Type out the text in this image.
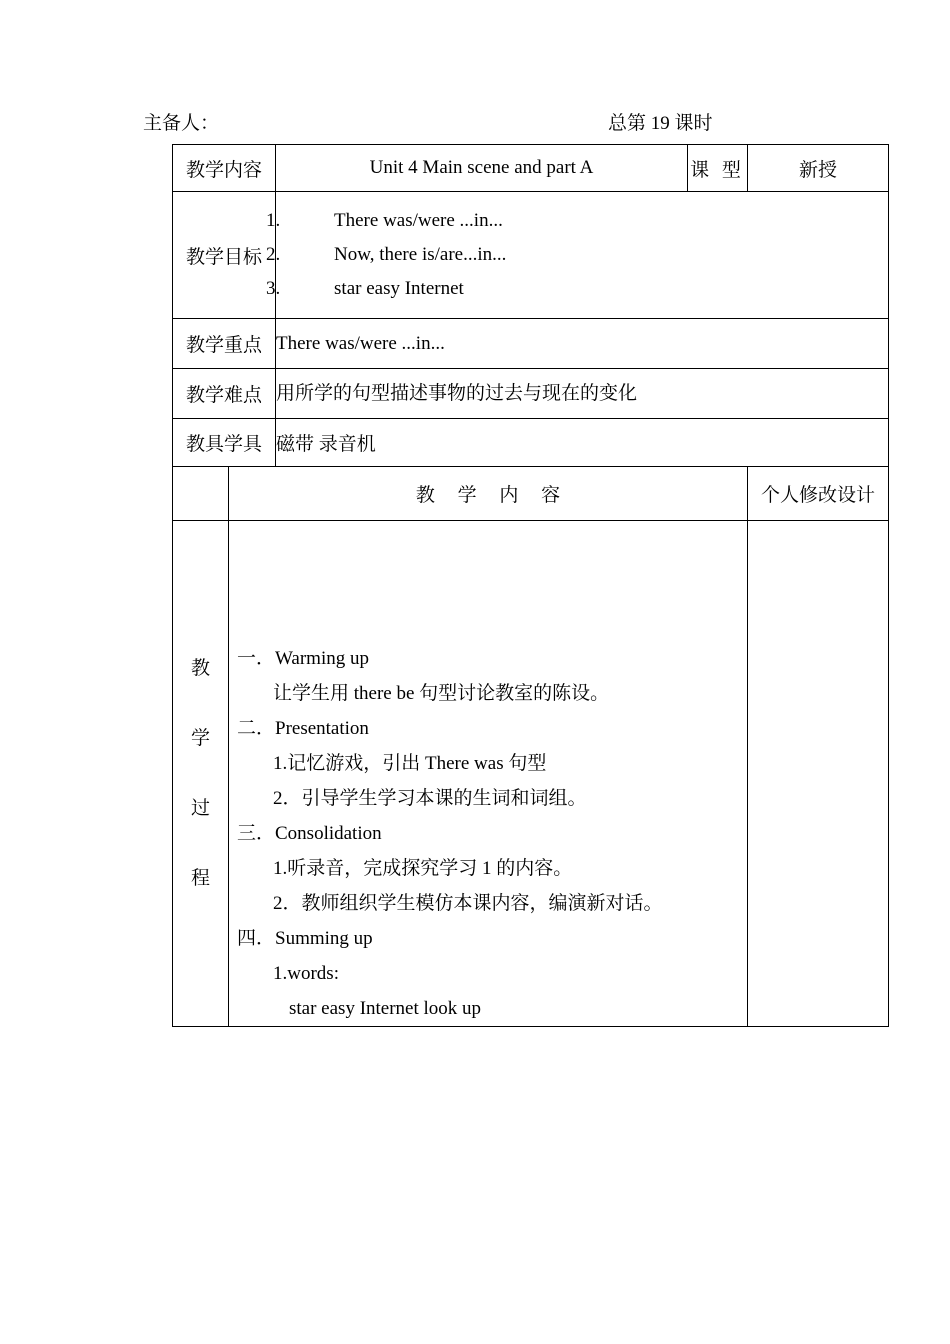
主备人：	总第 19 课时
教学内容		Unit 4 Main scene and part A	课 型	新授
教学目标		1. There was/were ...in...
2. Now, there is/are...in...
3. star easy Internet		

教学重点		There was/were ...in...		
教学难点		用所学的句型描述事物的过去与现在的变化		
教具学具		磁带 录音机		
	教 学 内 容			个人修改设计

教
学
过
程

一．Warming up
让学生用 there be 句型讨论教室的陈设。
二．Presentation
1.记忆游戏，引出 There was 句型
2．引导学生学习本课的生词和词组。
三．Consolidation
1.听录音，完成探究学习 1 的内容。
2．教师组织学生模仿本课内容，编演新对话。
四．Summing up
1.words:
star easy Internet look up
